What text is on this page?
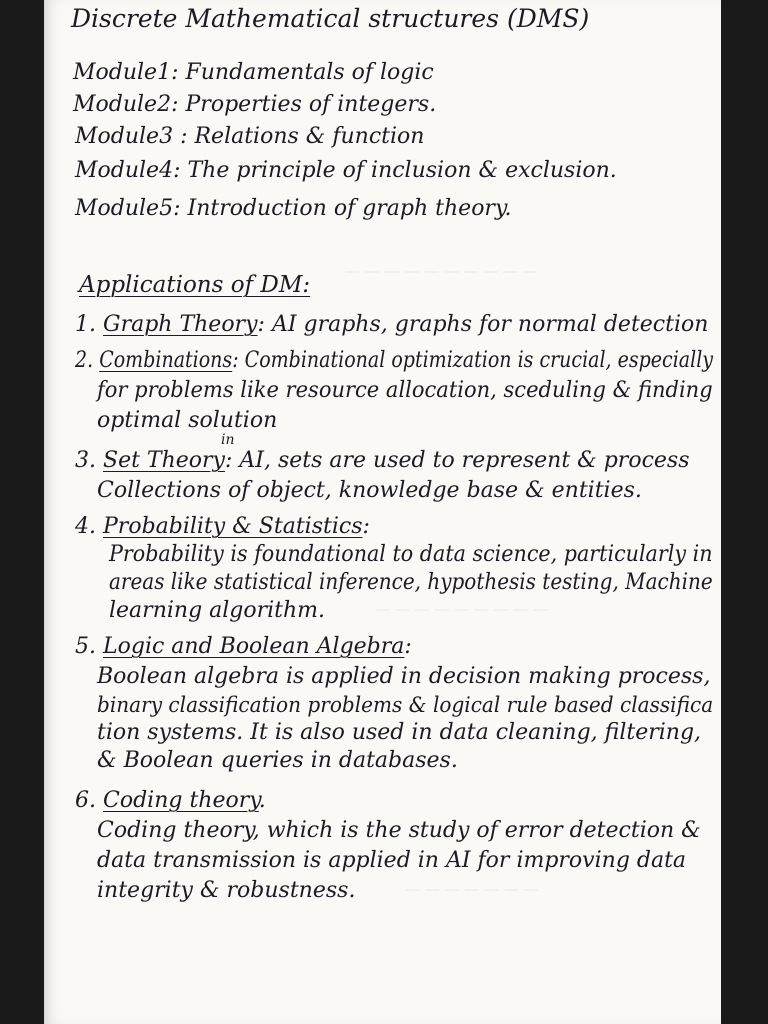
— — — — — — — — — —
— — — — — — — — —
— — — — — — —
Discrete Mathematical structures (DMS)
Module1: Fundamentals of logic
Module2: Properties of integers.
Module3 : Relations & function
Module4: The principle of inclusion & exclusion.
Module5: Introduction of graph theory.
Applications of DM:
1. Graph Theory: AI graphs, graphs for normal detection
2. Combinations: Combinational optimization is crucial, especially
for problems like resource allocation, sceduling & finding
optimal solution
in
3. Set Theory: AI, sets are used to represent & process
Collections of object, knowledge base & entities.
4. Probability & Statistics:
Probability is foundational to data science, particularly in
areas like statistical inference, hypothesis testing, Machine
learning algorithm.
5. Logic and Boolean Algebra:
Boolean algebra is applied in decision making process,
binary classification problems & logical rule based classifica
tion systems. It is also used in data cleaning, filtering,
& Boolean queries in databases.
6. Coding theory.
Coding theory, which is the study of error detection &
data transmission is applied in AI for improving data
integrity & robustness.
